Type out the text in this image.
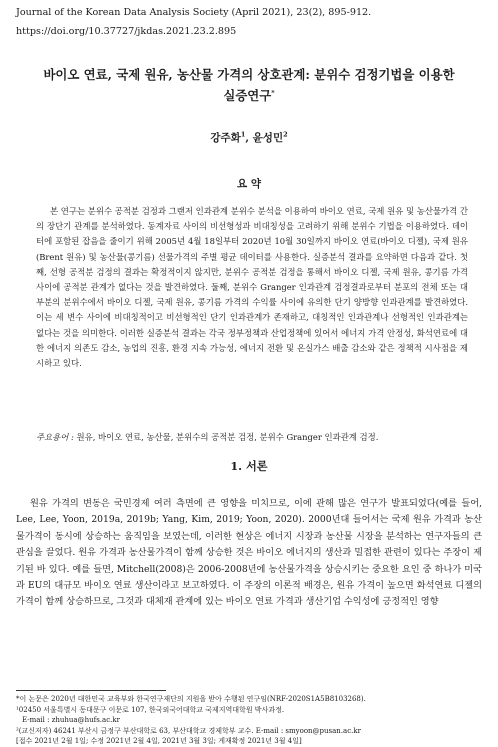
Journal of the Korean Data Analysis Society (April 2021), 23(2), 895-912.

https://doi.org/10.37727/jkdas.2021.23.2.895

바이오 연료, 국제 원유, 농산물 가격의 상호관계: 분위수 검정기법을 이용한
실증연구*

강주화$^1$, 윤성민$^2$

요 약

본 연구는 분위수 공적분 검정과 그랜저 인과관계 분위수 분석을 이용하여 바이오 연료, 국제 원유 및 농산물가격 간의 장단기 관계를 분석하였다. 동계자료 사이의 비선형성과 비대칭성을 고려하기 위해 분위수 기법을 이용하였다. 데이터에 포함된 잡음을 줄이기 위해 2005년 4월 18일부터 2020년 10월 30일까지 바이오 연료(바이오 디젤), 국제 원유(Brent 원유) 및 농산물(콩기름) 선물가격의 주별 평균 데이터를 사용한다. 실증분석 결과를 요약하면 다음과 같다. 첫째, 선형 공적분 검정의 결과는 확정적이지 않지만, 분위수 공적분 검정을 통해서 바이오 디젤, 국제 원유, 콩기름 가격 사이에 공적분 관계가 없다는 것을 발견하였다. 둘째, 분위수 Granger 인과관계 검정결과로부터 분포의 전체 또는 대부분의 분위수에서 바이오 디젤, 국제 원유, 콩기름 가격의 수익률 사이에 유의한 단기 양방향 인과관계를 발견하였다. 이는 세 변수 사이에 비대칭적이고 비선형적인 단기 인과관계가 존재하고, 대칭적인 인과관계나 선형적인 인과관계는 없다는 것을 의미한다. 이러한 실증분석 결과는 각국 정부정책과 산업정책에 있어서 에너지 가격 안정성, 화석연료에 대한 에너지 의존도 감소, 농업의 진흥, 환경 지속 가능성, 에너지 전환 및 온실가스 배출 감소와 같은 정책적 시사점을 제시하고 있다.

주요용어 : 원유, 바이오 연료, 농산물, 분위수의 공적분 검정, 분위수 Granger 인과관계 검정.

1. 서론

원유 가격의 변동은 국민경제 여러 측면에 큰 영향을 미치므로, 이에 관해 많은 연구가 발표되었다(예를 들어, Lee, Lee, Yoon, 2019a, 2019b; Yang, Kim, 2019; Yoon, 2020). 2000년대 들어서는 국제 원유 가격과 농산물가격이 동시에 상승하는 움직임을 보였는데, 이러한 현상은 에너지 시장과 농산물 시장을 분석하는 연구자들의 큰 관심을 끌었다. 원유 가격과 농산물가격이 함께 상승한 것은 바이오 에너지의 생산과 밀접한 관련이 있다는 주장이 제기된 바 있다. 예를 들면, Mitchell(2008)은 2006-2008년에 농산물가격을 상승시키는 중요한 요인 중 하나가 미국과 EU의 대규모 바이오 연료 생산이라고 보고하였다. 이 주장의 이론적 배경은, 원유 가격이 높으면 화석연료 디젤의 가격이 함께 상승하므로, 그것과 대체재 관계에 있는 바이오 연료 가격과 생산기업 수익성에 긍정적인 영향

*이 논문은 2020년 대한민국 교육부와 한국연구재단의 지원을 받아 수행된 연구임(NRF-2020S1A5B8103268).

¹02450 서울특별시 동대문구 이문로 107, 한국외국어대학교 국제지역대학원 박사과정.

E-mail : zhuhua@hufs.ac.kr

²(교신저자) 46241 부산시 금정구 부산대학로 63, 부산대학교 경제학부 교수. E-mail : smyoon@pusan.ac.kr

[접수 2021년 2월 1일; 수정 2021년 2월 4일, 2021년 3월 3일; 게재확정 2021년 3월 4일]
